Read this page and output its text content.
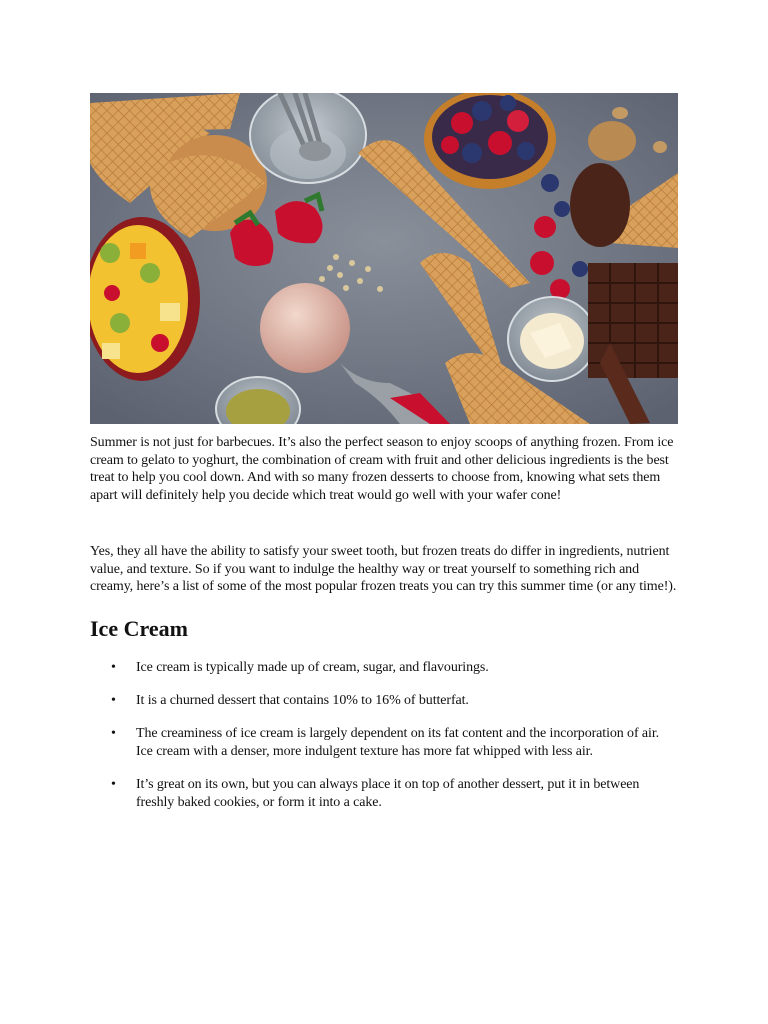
Summer is not just for barbecues. It’s also the perfect season to enjoy scoops of anything frozen. From ice cream to gelato to yoghurt, the combination of cream with fruit and other delicious ingredients is the best treat to help you cool down. And with so many frozen desserts to choose from, knowing what sets them apart will definitely help you decide which treat would go well with your wafer cone!

Yes, they all have the ability to satisfy your sweet tooth, but frozen treats do differ in ingredients, nutrient value, and texture. So if you want to indulge the healthy way or treat yourself to something rich and creamy, here’s a list of some of the most popular frozen treats you can try this summer time (or any time!).

Ice Cream
• Ice cream is typically made up of cream, sugar, and flavourings.
• It is a churned dessert that contains 10% to 16% of butterfat.
• The creaminess of ice cream is largely dependent on its fat content and the incorporation of air. Ice cream with a denser, more indulgent texture has more fat whipped with less air.
• It’s great on its own, but you can always place it on top of another dessert, put it in between freshly baked cookies, or form it into a cake.
